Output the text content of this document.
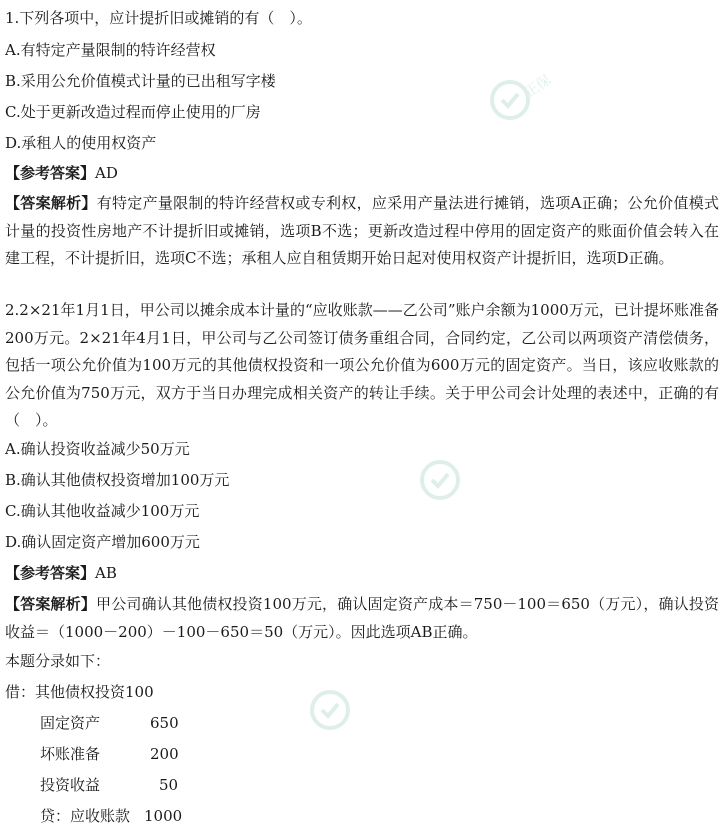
正保
1.下列各项中，应计提折旧或摊销的有（　）。
A.有特定产量限制的特许经营权
B.采用公允价值模式计量的已出租写字楼
C.处于更新改造过程而停止使用的厂房
D.承租人的使用权资产
【参考答案】AD
【答案解析】有特定产量限制的特许经营权或专利权，应采用产量法进行摊销，选项A正确；公允价值模式计量的投资性房地产不计提折旧或摊销，选项B不选；更新改造过程中停用的固定资产的账面价值会转入在建工程，不计提折旧，选项C不选；承租人应自租赁期开始日起对使用权资产计提折旧，选项D正确。
2.2×21年1月1日，甲公司以摊余成本计量的“应收账款——乙公司”账户余额为1000万元，已计提坏账准备200万元。2×21年4月1日，甲公司与乙公司签订债务重组合同，合同约定，乙公司以两项资产清偿债务，包括一项公允价值为100万元的其他债权投资和一项公允价值为600万元的固定资产。当日，该应收账款的公允价值为750万元，双方于当日办理完成相关资产的转让手续。关于甲公司会计处理的表述中，正确的有（　）。
A.确认投资收益减少50万元
B.确认其他债权投资增加100万元
C.确认其他收益减少100万元
D.确认固定资产增加600万元
【参考答案】AB
【答案解析】甲公司确认其他债权投资100万元，确认固定资产成本＝750－100＝650（万元），确认投资收益＝（1000－200）－100－650＝50（万元）。因此选项AB正确。
本题分录如下：
借：其他债权投资100
固定资产	650
坏账准备	200
投资收益	50
贷：应收账款 1000
